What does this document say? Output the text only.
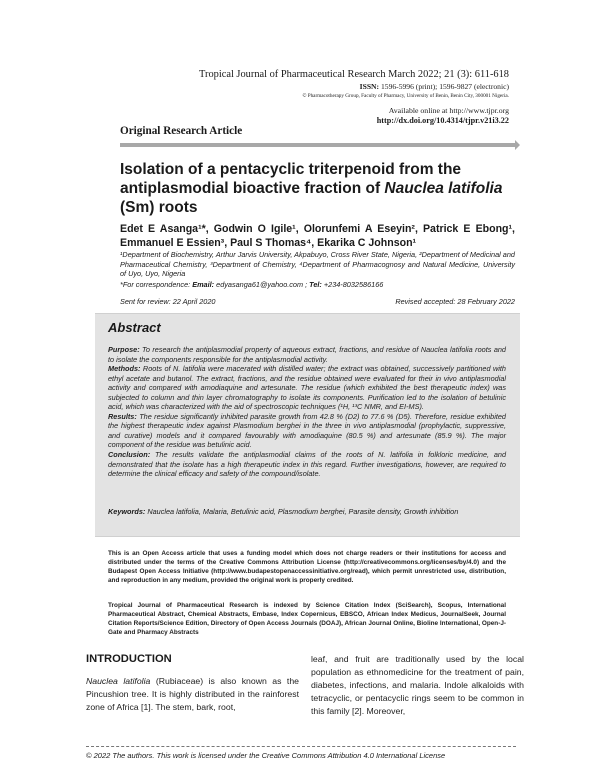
Tropical Journal of Pharmaceutical Research March 2022; 21 (3): 611-618
ISSN: 1596-5996 (print); 1596-9827 (electronic)
© Pharmacotherapy Group, Faculty of Pharmacy, University of Benin, Benin City, 300001 Nigeria.
Available online at http://www.tjpr.org
http://dx.doi.org/10.4314/tjpr.v21i3.22
Original Research Article
Isolation of a pentacyclic triterpenoid from the antiplasmodial bioactive fraction of Nauclea latifolia (Sm) roots
Edet E Asanga¹*, Godwin O Igile¹, Olorunfemi A Eseyin², Patrick E Ebong¹, Emmanuel E Essien³, Paul S Thomas⁴, Ekarika C Johnson¹
¹Department of Biochemistry, Arthur Jarvis University, Akpabuyo, Cross River State, Nigeria, ²Department of Medicinal and Pharmaceutical Chemistry, ³Department of Chemistry, ⁴Department of Pharmacognosy and Natural Medicine, University of Uyo, Uyo, Nigeria
*For correspondence: Email: edyasanga61@yahoo.com ; Tel: +234-8032586166
Sent for review: 22 April 2020	Revised accepted: 28 February 2022
Abstract

Purpose: To research the antiplasmodial property of aqueous extract, fractions, and residue of Nauclea latifolia roots and to isolate the components responsible for the antiplasmodial activity.

Methods: Roots of N. latifolia were macerated with distilled water; the extract was obtained, successively partitioned with ethyl acetate and butanol. The extract, fractions, and the residue obtained were evaluated for their in vivo antiplasmodial activity and compared with amodiaquine and artesunate. The residue (which exhibited the best therapeutic index) was subjected to column and thin layer chromatography to isolate its components. Purification led to the isolation of betulinic acid, which was characterized with the aid of spectroscopic techniques (¹H, ¹³C NMR, and EI-MS).

Results: The residue significantly inhibited parasite growth from 42.8 % (D2) to 77.6 % (D5). Therefore, residue exhibited the highest therapeutic index against Plasmodium berghei in the three in vivo antiplasmodial (prophylactic, suppressive, and curative) models and it compared favourably with amodiaquine (80.5 %) and artesunate (85.9 %). The major component of the residue was betulinic acid.

Conclusion: The results validate the antiplasmodial claims of the roots of N. latifolia in folkloric medicine, and demonstrated that the isolate has a high therapeutic index in this regard. Further investigations, however, are required to determine the clinical efficacy and safety of the compound/isolate.

Keywords: Nauclea latifolia, Malaria, Betulinic acid, Plasmodium berghei, Parasite density, Growth inhibition
This is an Open Access article that uses a funding model which does not charge readers or their institutions for access and distributed under the terms of the Creative Commons Attribution License (http://creativecommons.org/licenses/by/4.0) and the Budapest Open Access Initiative (http://www.budapestopenaccessinitiative.org/read), which permit unrestricted use, distribution, and reproduction in any medium, provided the original work is properly credited.
Tropical Journal of Pharmaceutical Research is indexed by Science Citation Index (SciSearch), Scopus, International Pharmaceutical Abstract, Chemical Abstracts, Embase, Index Copernicus, EBSCO, African Index Medicus, JournalSeek, Journal Citation Reports/Science Edition, Directory of Open Access Journals (DOAJ), African Journal Online, Bioline International, Open-J-Gate and Pharmacy Abstracts
INTRODUCTION
Nauclea latifolia (Rubiaceae) is also known as the Pincushion tree. It is highly distributed in the rainforest zone of Africa [1]. The stem, bark, root,
leaf, and fruit are traditionally used by the local population as ethnomedicine for the treatment of pain, diabetes, infections, and malaria. Indole alkaloids with tetracyclic, or pentacyclic rings seem to be common in this family [2]. Moreover,
© 2022 The authors. This work is licensed under the Creative Commons Attribution 4.0 International License
